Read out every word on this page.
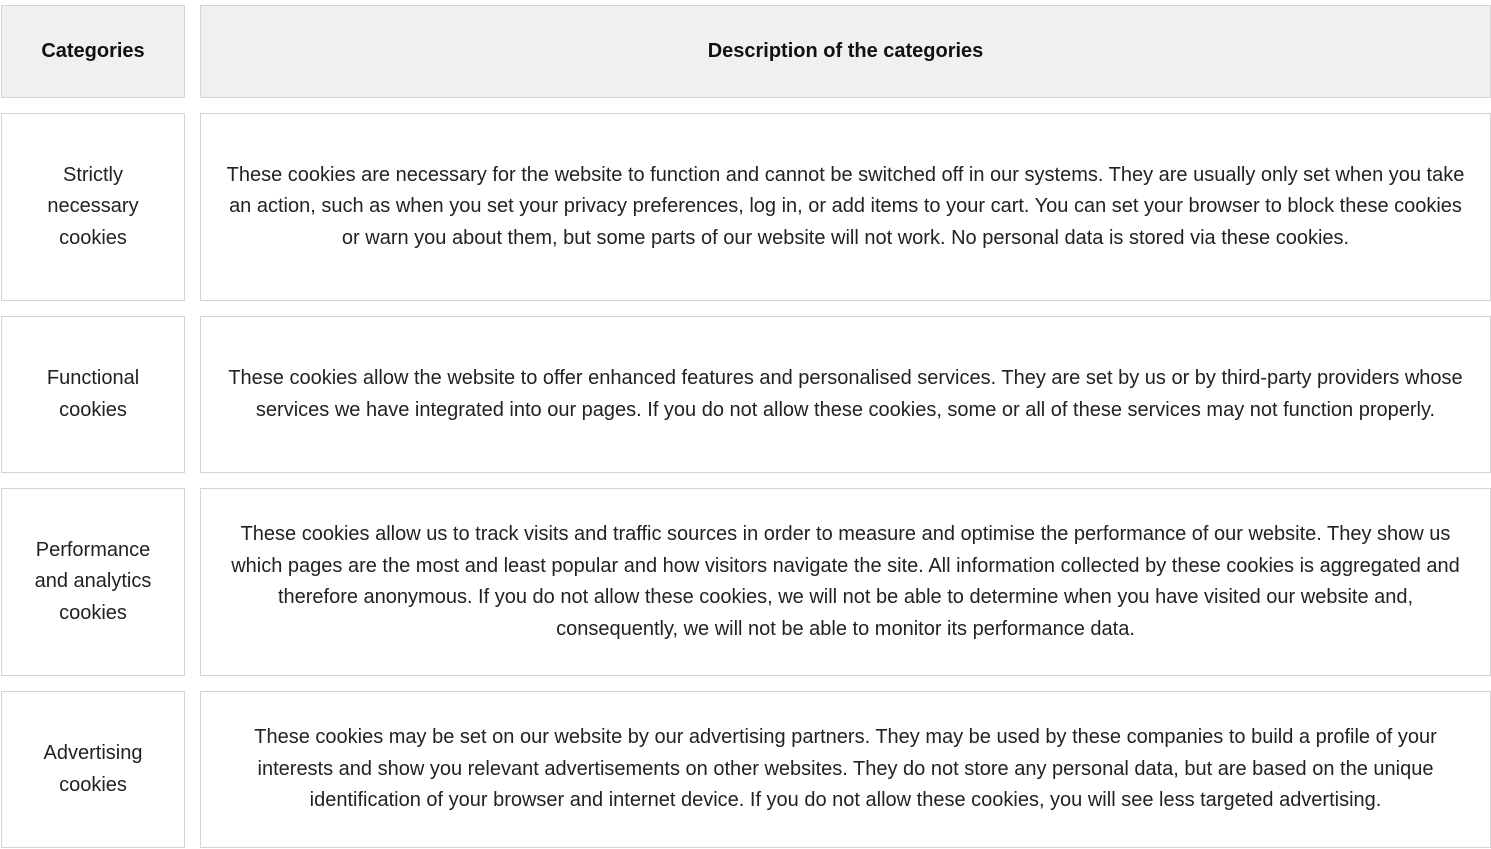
Categories	Description of the categories
Strictly necessary cookies
These cookies are necessary for the website to function and cannot be switched off in our systems. They are usually only set when you take an action, such as when you set your privacy preferences, log in, or add items to your cart. You can set your browser to block these cookies or warn you about them, but some parts of our website will not work. No personal data is stored via these cookies.
Functional cookies
These cookies allow the website to offer enhanced features and personalised services. They are set by us or by third-party providers whose services we have integrated into our pages. If you do not allow these cookies, some or all of these services may not function properly.
Performance and analytics cookies
These cookies allow us to track visits and traffic sources in order to measure and optimise the performance of our website. They show us which pages are the most and least popular and how visitors navigate the site. All information collected by these cookies is aggregated and therefore anonymous. If you do not allow these cookies, we will not be able to determine when you have visited our website and, consequently, we will not be able to monitor its performance data.
Advertising cookies
These cookies may be set on our website by our advertising partners. They may be used by these companies to build a profile of your interests and show you relevant advertisements on other websites. They do not store any personal data, but are based on the unique identification of your browser and internet device. If you do not allow these cookies, you will see less targeted advertising.
